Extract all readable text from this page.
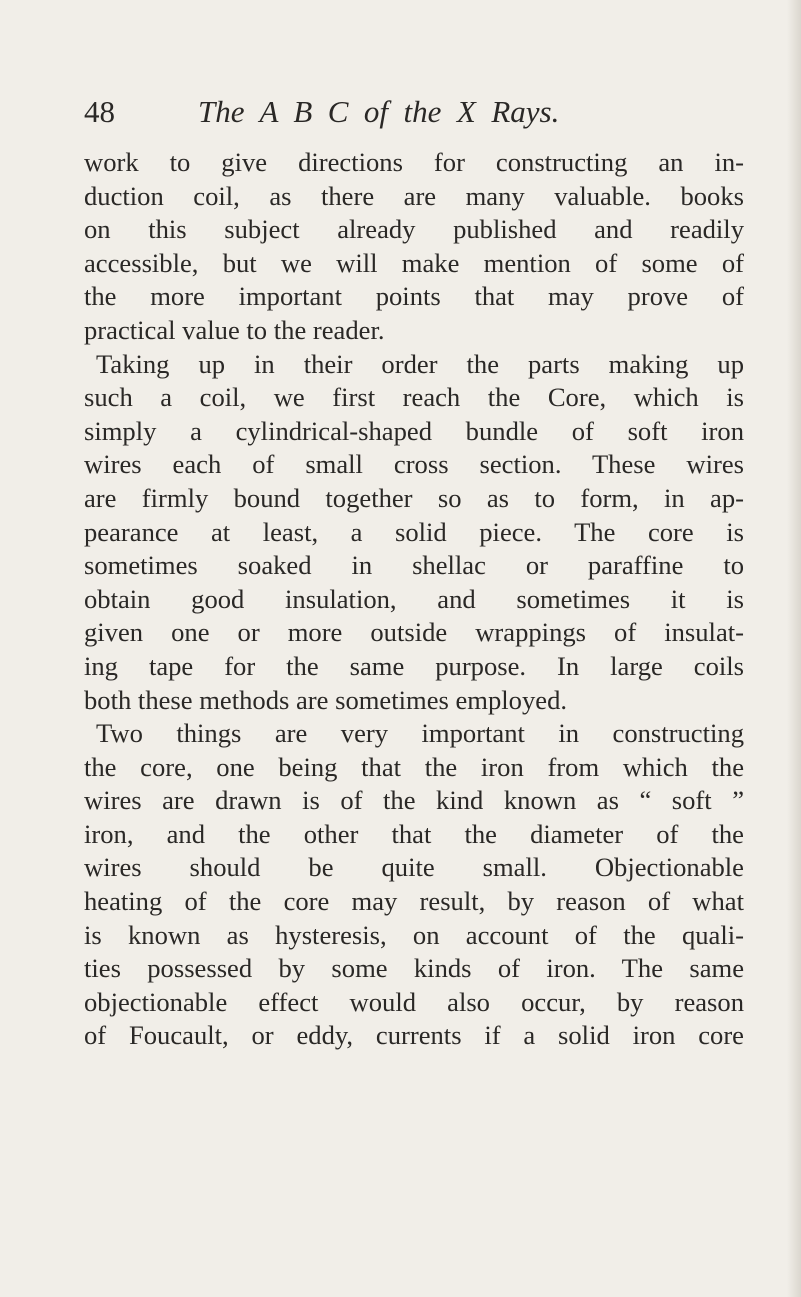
48	The  A  B  C  of  the  X  Rays.
work to give directions for constructing an in-
duction coil, as there are many valuable. books
on this subject already published and readily
accessible, but we will make mention of some of
the more important points that may prove of
practical value to the reader.
Taking up in their order the parts making up
such a coil, we first reach the Core, which is
simply a cylindrical-shaped bundle of soft iron
wires each of small cross section. These wires
are firmly bound together so as to form, in ap-
pearance at least, a solid piece. The core is
sometimes soaked in shellac or paraffine to
obtain good insulation, and sometimes it is
given one or more outside wrappings of insulat-
ing tape for the same purpose. In large coils
both these methods are sometimes employed.
Two things are very important in constructing
the core, one being that the iron from which the
wires are drawn is of the kind known as “ soft ”
iron, and the other that the diameter of the
wires should be quite small. Objectionable
heating of the core may result, by reason of what
is known as hysteresis, on account of the quali-
ties possessed by some kinds of iron. The same
objectionable effect would also occur, by reason
of Foucault, or eddy, currents if a solid iron core
